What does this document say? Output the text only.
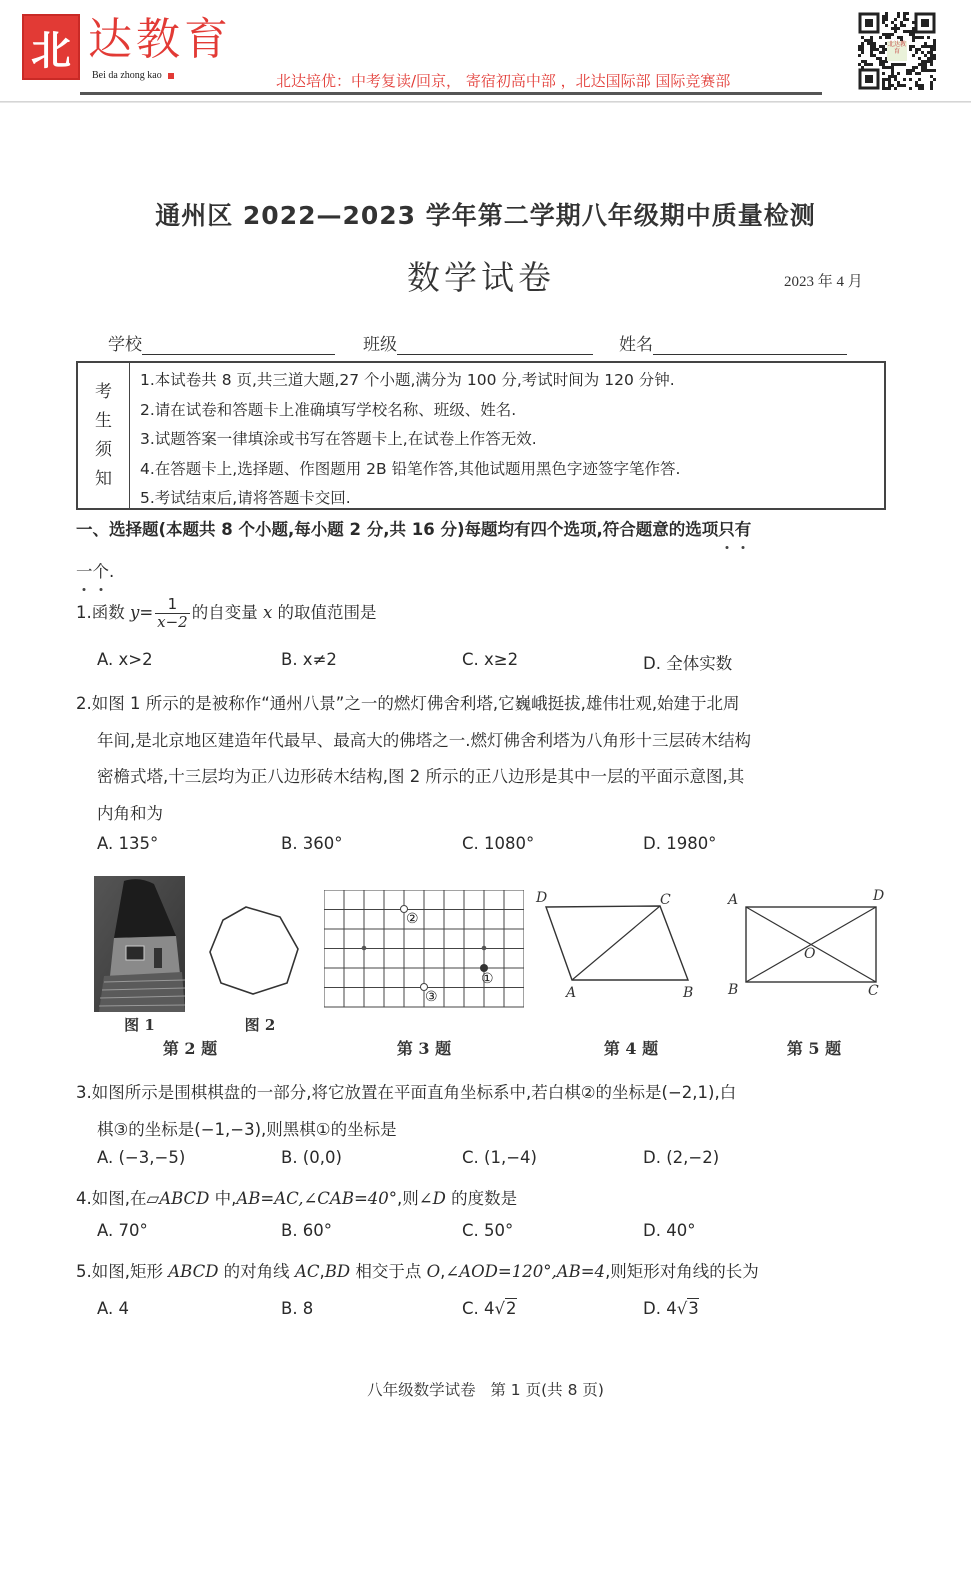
北 达教育
Bei da zhong kao	北达培优：中考复读/回京， 寄宿初高中部 ，北达国际部 国际竞赛部
北达教育
通州区 2022—2023 学年第二学期八年级期中质量检测
数学试卷	2023 年 4 月
学校	班级	姓名
考
生
须
知
1.本试卷共 8 页,共三道大题,27 个小题,满分为 100 分,考试时间为 120 分钟.
2.请在试卷和答题卡上准确填写学校名称、班级、姓名.
3.试题答案一律填涂或书写在答题卡上,在试卷上作答无效.
4.在答题卡上,选择题、作图题用 2B 铅笔作答,其他试题用黑色字迹签字笔作答.
5.考试结束后,请将答题卡交回.
一、选择题(本题共 8 个小题,每小题 2 分,共 16 分)每题均有四个选项,符合题意的选项只有
一个.
1.函数 $y= \frac{1}{x-2}$ 的自变量 x 的取值范围是
A. x>2	B. x≠2	C. x≥2	D. 全体实数
2.如图 1 所示的是被称作“通州八景”之一的燃灯佛舍利塔,它巍峨挺拔,雄伟壮观,始建于北周
年间,是北京地区建造年代最早、最高大的佛塔之一.燃灯佛舍利塔为八角形十三层砖木结构
密檐式塔,十三层均为正八边形砖木结构,图 2 所示的正八边形是其中一层的平面示意图,其
内角和为
A. 135°	B. 360°	C. 1080°	D. 1980°
图 1	图 2
第 2 题
②
③
①
第 3 题
D	C
A	B
第 4 题
A	D
B	C
O
第 5 题
3.如图所示是围棋棋盘的一部分,将它放置在平面直角坐标系中,若白棋②的坐标是(−2,1),白
棋③的坐标是(−1,−3),则黑棋①的坐标是
A. (−3,−5)	B. (0,0)	C. (1,−4)	D. (2,−2)
4.如图,在▱ABCD 中,AB=AC,∠CAB=40°,则∠D 的度数是
A. 70°	B. 60°	C. 50°	D. 40°
5.如图,矩形 ABCD 的对角线 AC,BD 相交于点 O,∠AOD=120°,AB=4,则矩形对角线的长为
A. 4	B. 8	C. 4√2	D. 4√3
八年级数学试卷   第 1 页(共 8 页)
